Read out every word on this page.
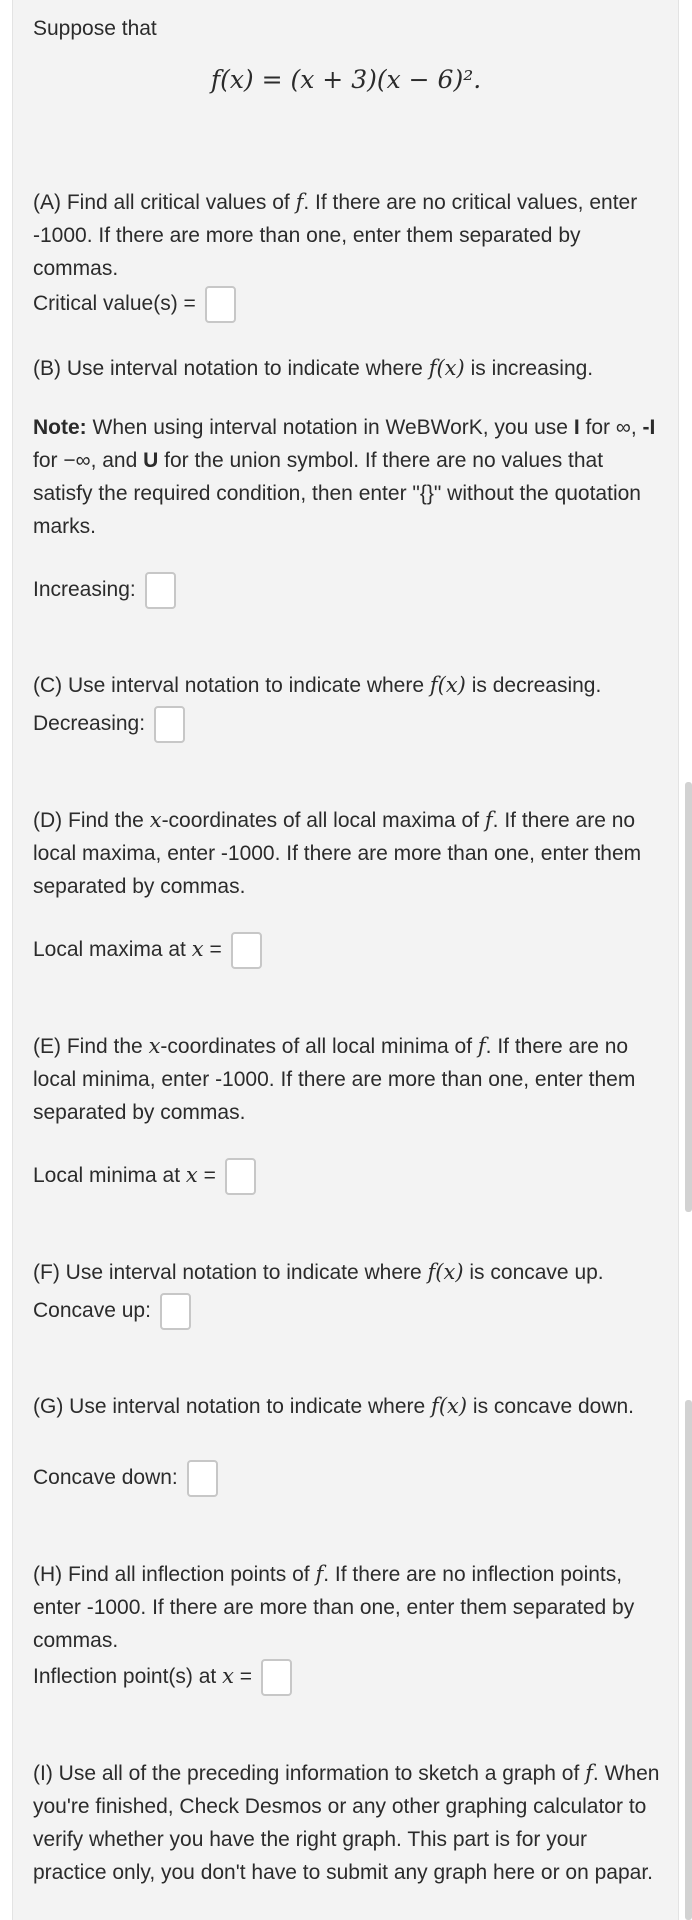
Suppose that

f(x) = (x + 3)(x − 6)².

(A) Find all critical values of f. If there are no critical values, enter -1000. If there are more than one, enter them separated by commas.

Critical value(s) =

(B) Use interval notation to indicate where f(x) is increasing.

Note: When using interval notation in WeBWorK, you use I for ∞, -I for −∞, and U for the union symbol. If there are no values that satisfy the required condition, then enter "{}" without the quotation marks.

Increasing:

(C) Use interval notation to indicate where f(x) is decreasing.

Decreasing:

(D) Find the x-coordinates of all local maxima of f. If there are no local maxima, enter -1000. If there are more than one, enter them separated by commas.

Local maxima at x =

(E) Find the x-coordinates of all local minima of f. If there are no local minima, enter -1000. If there are more than one, enter them separated by commas.

Local minima at x =

(F) Use interval notation to indicate where f(x) is concave up.

Concave up:

(G) Use interval notation to indicate where f(x) is concave down.

Concave down:

(H) Find all inflection points of f. If there are no inflection points, enter -1000. If there are more than one, enter them separated by commas.

Inflection point(s) at x =

(I) Use all of the preceding information to sketch a graph of f. When you're finished, Check Desmos or any other graphing calculator to verify whether you have the right graph. This part is for your practice only, you don't have to submit any graph here or on papar.
